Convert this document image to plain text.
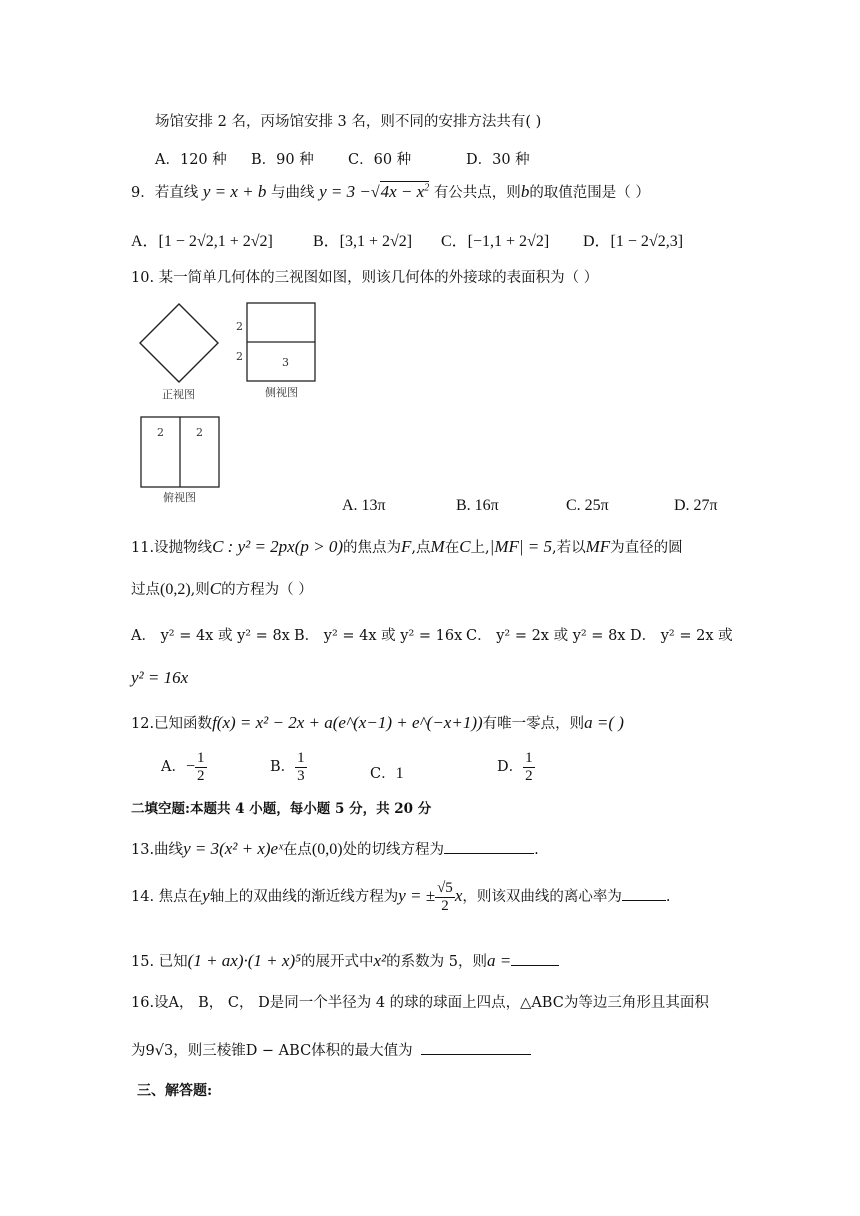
场馆安排 2 名，丙场馆安排 3 名，则不同的安排方法共有( )
A．120 种 B．90 种 C．60 种	D．30 种
9．若直线 y = x + b 与曲线 $y = 3 -√4x - x^2$ 有公共点，则b的取值范围是（ ）
A．[1 − 2√2,1 + 2√2]	B．[3,1 + 2√2] C．[−1,1 + 2√2] D．[1 − 2√2,3]
10. 某一简单几何体的三视图如图，则该几何体的外接球的表面积为（ ）
正视图
2
2	3
侧视图
2	2
俯视图	A. 13π	B. 16π	C. 25π	D. 27π
11.设抛物线C : y² = 2px(p > 0)的焦点为F,点M在C上,|MF| = 5,若以MF为直径的圆
过点(0,2),则C的方程为（ ）
A． y² = 4x 或 y² = 8x B． y² = 4x 或 y² = 16x C． y² = 2x 或 y² = 8x D． y² = 2x 或
y² = 16x
12.已知函数f(x) = x² − 2x + a(e^(x−1) + e^(−x+1))有唯一零点，则a =( )
A．− $\frac{1}{2}$	B． $\frac{1}{3}$	C．1	D． $\frac{1}{2}$
二填空题:本题共 4 小题，每小题 5 分，共 20 分
13.曲线y = 3(x² + x)eˣ在点(0,0)处的切线方程为	.
14. 焦点在y轴上的双曲线的渐近线方程为y = ± $\frac{√5}{2}$ x，则该双曲线的离心率为	.
15. 已知(1 + ax)·(1 + x)⁵的展开式中x²的系数为 5，则a =
16.设A， B， C， D是同一个半径为 4 的球的球面上四点，△ABC为等边三角形且其面积
为9√3，则三棱锥D − ABC体积的最大值为
三、解答题:
